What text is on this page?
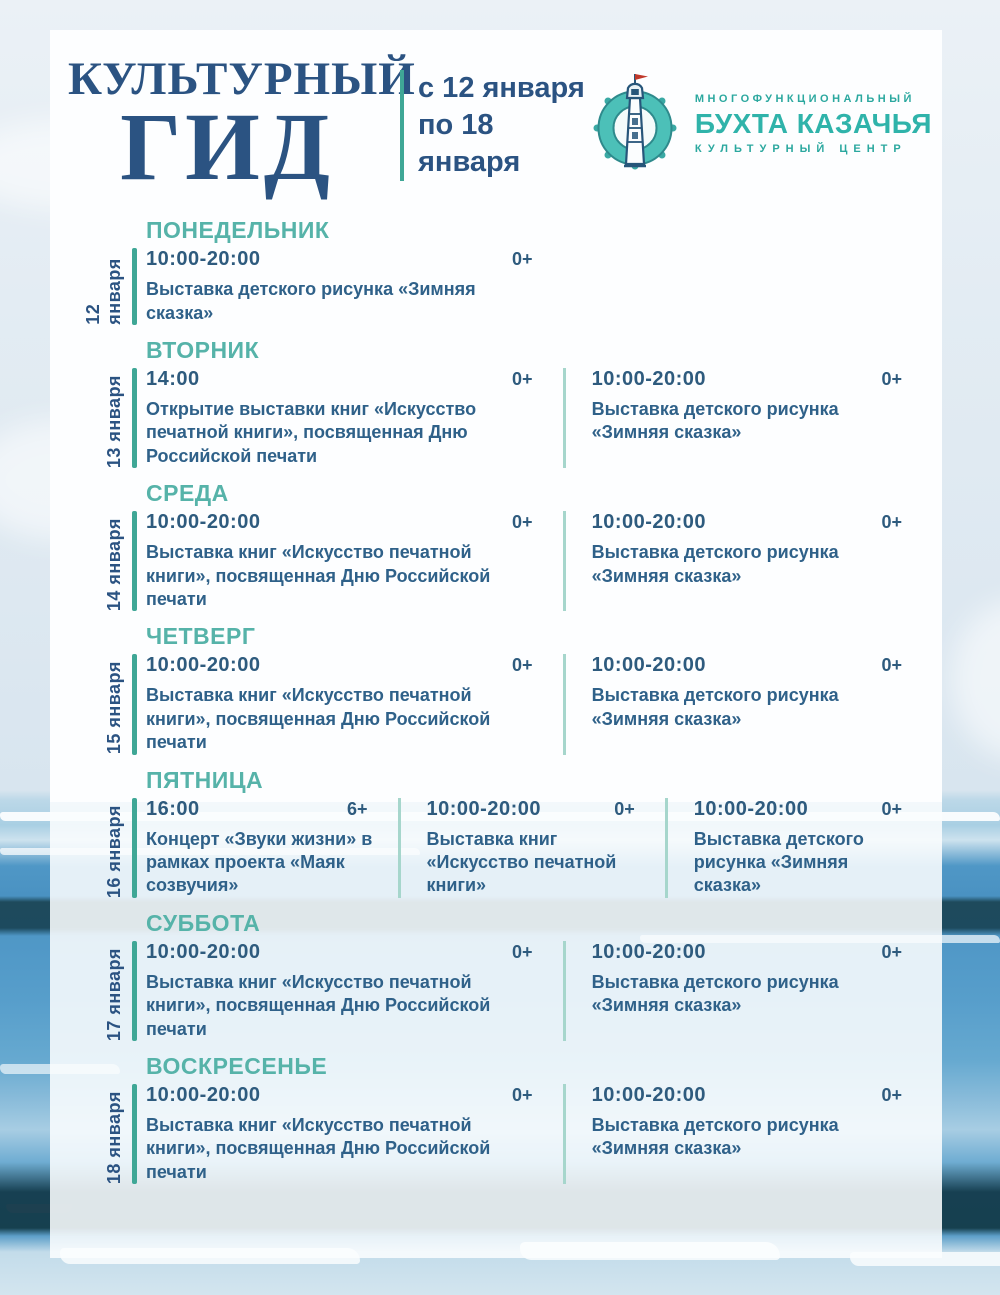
КУЛЬТУРНЫЙ
ГИД
с 12 января
по 18 января
МНОГОФУНКЦИОНАЛЬНЫЙ
БУХТА КАЗАЧЬЯ
КУЛЬТУРНЫЙ ЦЕНТР
ПОНЕДЕЛЬНИК
12 января 10:00-20:00	0+
Выставка детского рисунка «Зимняя сказка»
ВТОРНИК
13 января 14:00	0+
Открытие выставки книг «Искусство печатной книги», посвященная Дню Российской печати
10:00-20:00	0+
Выставка детского рисунка «Зимняя сказка»
СРЕДА
14 января 10:00-20:00	0+
Выставка книг «Искусство печатной книги», посвященная Дню Российской печати
10:00-20:00	0+
Выставка детского рисунка «Зимняя сказка»
ЧЕТВЕРГ
15 января 10:00-20:00	0+
Выставка книг «Искусство печатной книги», посвященная Дню Российской печати
10:00-20:00	0+
Выставка детского рисунка «Зимняя сказка»
ПЯТНИЦА
16 января 16:00	6+
Концерт «Звуки жизни» в рамках проекта «Маяк созвучия»
10:00-20:00	0+
Выставка книг «Искусство печатной книги»
10:00-20:00	0+
Выставка детского рисунка «Зимняя сказка»
СУББОТА
17 января 10:00-20:00	0+
Выставка книг «Искусство печатной книги», посвященная Дню Российской печати
10:00-20:00	0+
Выставка детского рисунка «Зимняя сказка»
ВОСКРЕСЕНЬЕ
18 января 10:00-20:00	0+
Выставка книг «Искусство печатной книги», посвященная Дню Российской печати
10:00-20:00	0+
Выставка детского рисунка «Зимняя сказка»
